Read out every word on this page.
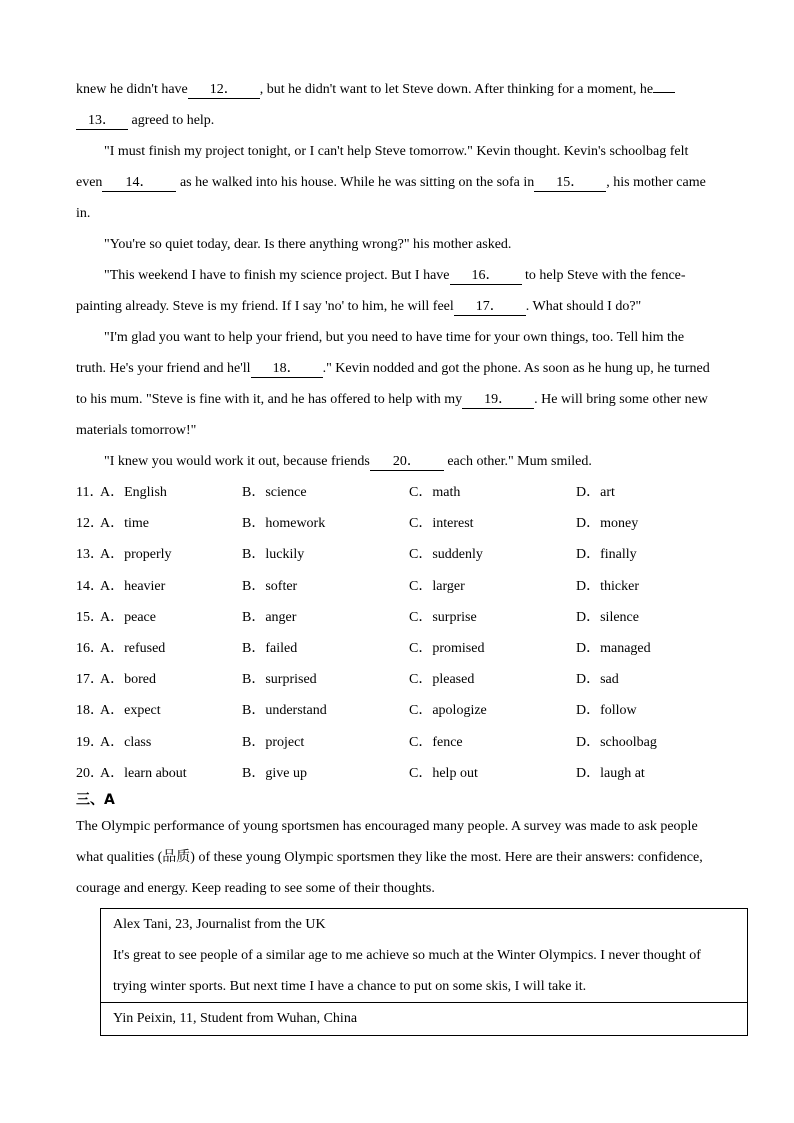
knew he didn't have 12． , but he didn't want to let Steve down. After thinking for a moment, he
13． agreed to help.
"I must finish my project tonight, or I can't help Steve tomorrow." Kevin thought. Kevin's schoolbag felt
even 14． as he walked into his house. While he was sitting on the sofa in 15． , his mother came
in.
"You're so quiet today, dear. Is there anything wrong?" his mother asked.
"This weekend I have to finish my science project. But I have 16． to help Steve with the fence-
painting already. Steve is my friend. If I say 'no' to him, he will feel 17． . What should I do?"
"I'm glad you want to help your friend, but you need to have time for your own things, too. Tell him the
truth. He's your friend and he'll 18． ." Kevin nodded and got the phone. As soon as he hung up, he turned
to his mum. "Steve is fine with it, and he has offered to help with my 19． . He will bring some other new
materials tomorrow!"
"I knew you would work it out, because friends 20． each other." Mum smiled.
11．
A．English	B．science	C．math	D．art
12．
A．time	B．homework	C．interest	D．money
13．
A．properly	B．luckily	C．suddenly	D．finally
14．
A．heavier	B．softer	C．larger	D．thicker
15．
A．peace	B．anger	C．surprise	D．silence
16．
A．refused	B．failed	C．promised	D．managed
17．
A．bored	B．surprised	C．pleased	D．sad
18．
A．expect	B．understand	C．apologize	D．follow
19．
A．class	B．project	C．fence	D．schoolbag
20．
A．learn about	B．give up	C．help out	D．laugh at
三、A
The Olympic performance of young sportsmen has encouraged many people. A survey was made to ask people
what qualities (品质) of these young Olympic sportsmen they like the most. Here are their answers: confidence,
courage and energy. Keep reading to see some of their thoughts.
Alex Tani, 23, Journalist from the UK
It's great to see people of a similar age to me achieve so much at the Winter Olympics. I never thought of
trying winter sports. But next time I have a chance to put on some skis, I will take it.
Yin Peixin, 11, Student from Wuhan, China
